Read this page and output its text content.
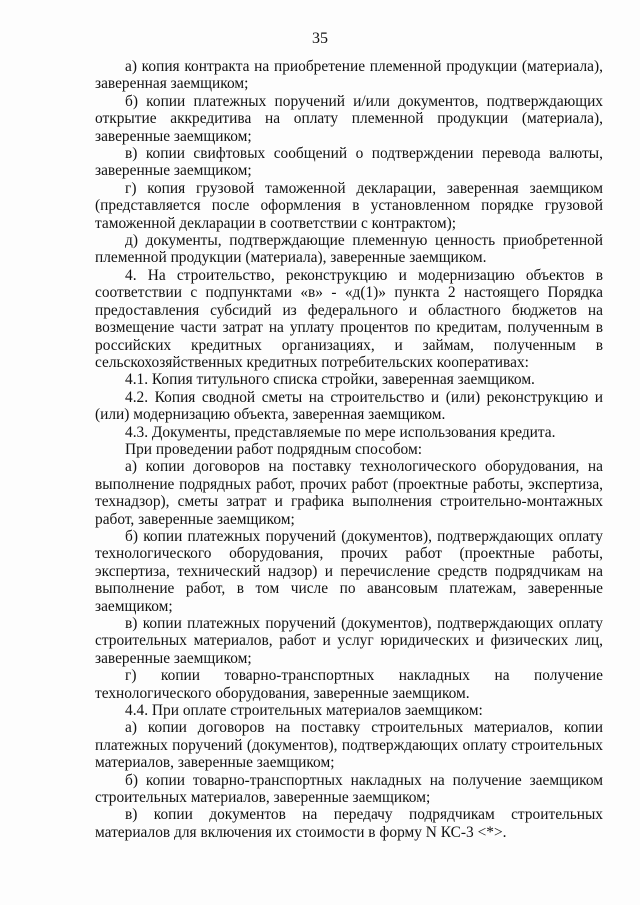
35

а) копия контракта на приобретение племенной продукции (материала), заверенная заемщиком;

б) копии платежных поручений и/или документов, подтверждающих открытие аккредитива на оплату племенной продукции (материала), заверенные заемщиком;

в) копии свифтовых сообщений о подтверждении перевода валюты, заверенные заемщиком;

г) копия грузовой таможенной декларации, заверенная заемщиком (представляется после оформления в установленном порядке грузовой таможенной декларации в соответствии с контрактом);

д) документы, подтверждающие племенную ценность приобретенной племенной продукции (материала), заверенные заемщиком.

4. На строительство, реконструкцию и модернизацию объектов в соответствии с подпунктами «в» - «д(1)» пункта 2 настоящего Порядка предоставления субсидий из федерального и областного бюджетов на возмещение части затрат на уплату процентов по кредитам, полученным в российских кредитных организациях, и займам, полученным в сельскохозяйственных кредитных потребительских кооперативах:

4.1. Копия титульного списка стройки, заверенная заемщиком.

4.2. Копия сводной сметы на строительство и (или) реконструкцию и (или) модернизацию объекта, заверенная заемщиком.

4.3. Документы, представляемые по мере использования кредита.

При проведении работ подрядным способом:

а) копии договоров на поставку технологического оборудования, на выполнение подрядных работ, прочих работ (проектные работы, экспертиза, технадзор), сметы затрат и графика выполнения строительно-монтажных работ, заверенные заемщиком;

б) копии платежных поручений (документов), подтверждающих оплату технологического оборудования, прочих работ (проектные работы, экспертиза, технический надзор) и перечисление средств подрядчикам на выполнение работ, в том числе по авансовым платежам, заверенные заемщиком;

в) копии платежных поручений (документов), подтверждающих оплату строительных материалов, работ и услуг юридических и физических лиц, заверенные заемщиком;

г) копии товарно-транспортных накладных на получение технологического оборудования, заверенные заемщиком.

4.4. При оплате строительных материалов заемщиком:

а) копии договоров на поставку строительных материалов, копии платежных поручений (документов), подтверждающих оплату строительных материалов, заверенные заемщиком;

б) копии товарно-транспортных накладных на получение заемщиком строительных материалов, заверенные заемщиком;

в) копии документов на передачу подрядчикам строительных материалов для включения их стоимости в форму N КС-3 <*>.
